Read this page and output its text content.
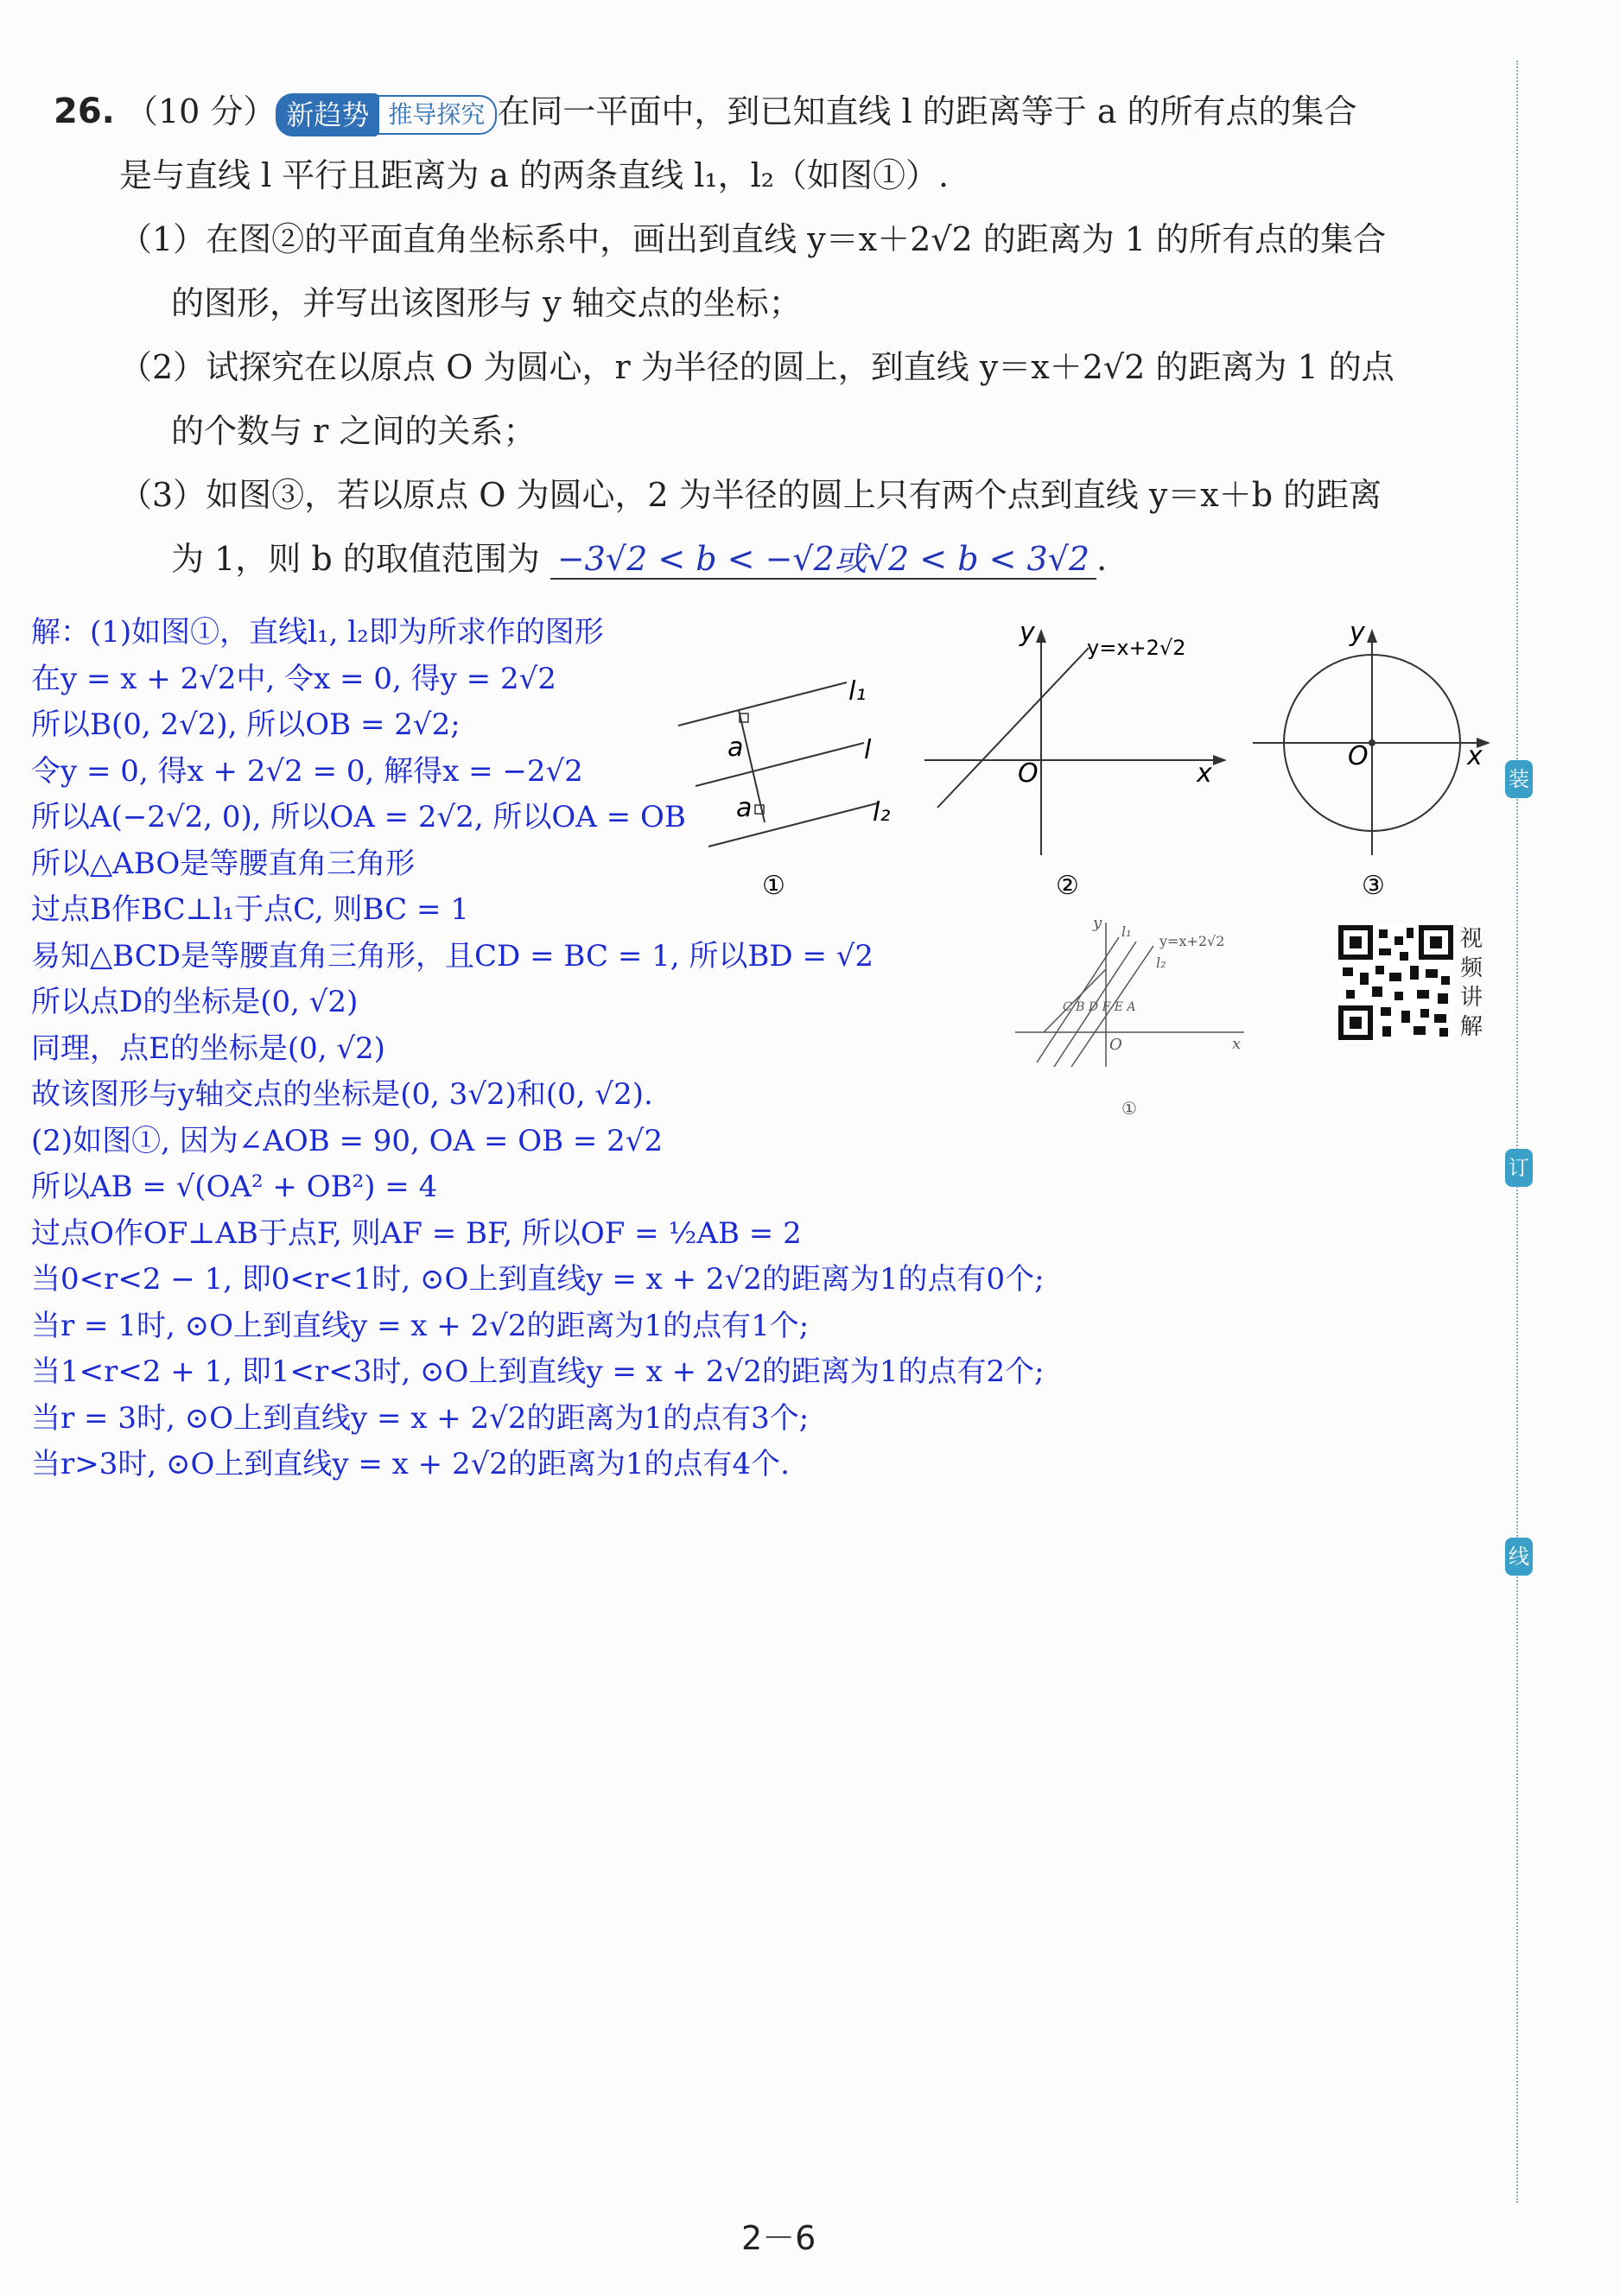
装
订
线
26. （10 分） 新趋势 推导探究 在同一平面中，到已知直线 l 的距离等于 a 的所有点的集合
是与直线 l 平行且距离为 a 的两条直线 l₁，l₂（如图①）.
（1）在图②的平面直角坐标系中，画出到直线 y＝x＋2√2 的距离为 1 的所有点的集合
的图形，并写出该图形与 y 轴交点的坐标；
（2）试探究在以原点 O 为圆心，r 为半径的圆上，到直线 y＝x＋2√2 的距离为 1 的点
的个数与 r 之间的关系；
（3）如图③，若以原点 O 为圆心，2 为半径的圆上只有两个点到直线 y＝x＋b 的距离
为 1，则 b 的取值范围为 −3√2 < b < −√2或√2 < b < 3√2 .
解：(1)如图①，直线l₁, l₂即为所求作的图形
在y = x + 2√2中, 令x = 0, 得y = 2√2
所以B(0, 2√2), 所以OB = 2√2;
令y = 0, 得x + 2√2 = 0, 解得x = −2√2
所以A(−2√2, 0), 所以OA = 2√2, 所以OA = OB
所以△ABO是等腰直角三角形
过点B作BC⊥l₁于点C, 则BC = 1
易知△BCD是等腰直角三角形，且CD = BC = 1, 所以BD = √2
所以点D的坐标是(0, √2)
同理，点E的坐标是(0, √2)
故该图形与y轴交点的坐标是(0, 3√2)和(0, √2).
(2)如图①, 因为∠AOB = 90, OA = OB = 2√2
所以AB = √(OA² + OB²) = 4
过点O作OF⊥AB于点F, 则AF = BF, 所以OF = ½AB = 2
当0<r<2 − 1, 即0<r<1时, ⊙O上到直线y = x + 2√2的距离为1的点有0个;
当r = 1时, ⊙O上到直线y = x + 2√2的距离为1的点有1个;
当1<r<2 + 1, 即1<r<3时, ⊙O上到直线y = x + 2√2的距离为1的点有2个;
当r = 3时, ⊙O上到直线y = x + 2√2的距离为1的点有3个;
当r>3时, ⊙O上到直线y = x + 2√2的距离为1的点有4个.
l₁
l
l₂
a
a
①
y
x
O
y=x+2√2
②
y
x
O
③
y
x
O
l₁
l₂
y=x+2√2
C B D F E A
①
视
频
讲
解
2－6
